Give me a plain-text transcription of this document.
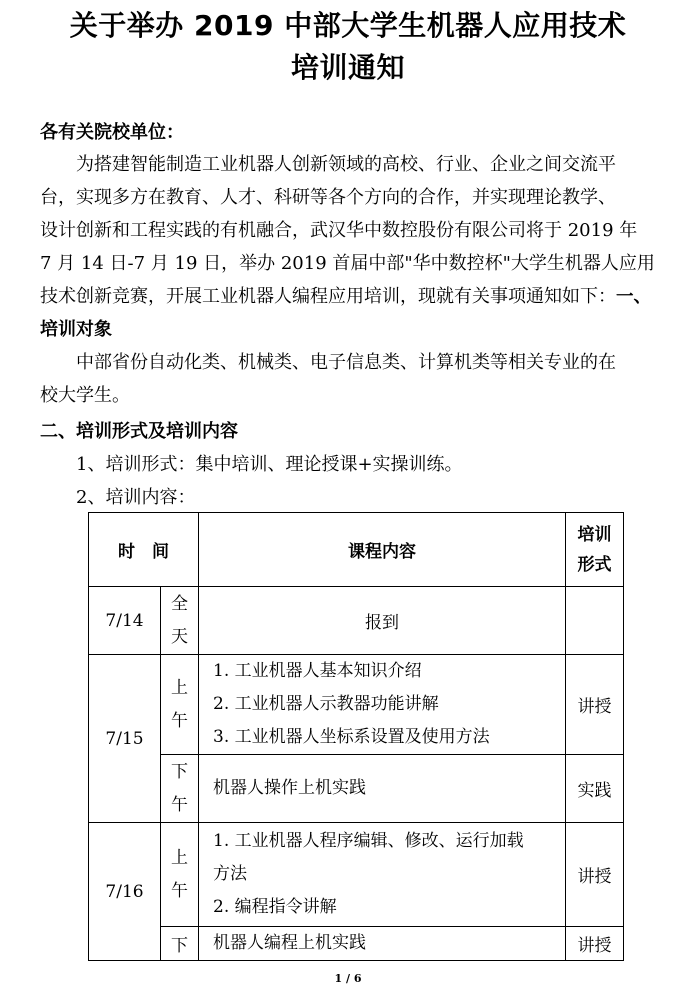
关于举办 2019 中部大学生机器人应用技术
培训通知
各有关院校单位：
为搭建智能制造工业机器人创新领域的高校、行业、企业之间交流平
台，实现多方在教育、人才、科研等各个方向的合作，并实现理论教学、
设计创新和工程实践的有机融合，武汉华中数控股份有限公司将于 2019 年
7 月 14 日-7 月 19 日，举办 2019 首届中部"华中数控杯"大学生机器人应用
技术创新竞赛，开展工业机器人编程应用培训，现就有关事项通知如下：一、
培训对象
中部省份自动化类、机械类、电子信息类、计算机类等相关专业的在
校大学生。
二、培训形式及培训内容
1、培训形式：集中培训、理论授课+实操训练。
2、培训内容：
时　间		课程内容	培训形式

7/14	全天	报到	
7/15	上午	1. 工业机器人基本知识介绍
2. 工业机器人示教器功能讲解
3. 工业机器人坐标系设置及使用方法	讲授

	下午	机器人操作上机实践	实践
7/16	上午	1. 工业机器人程序编辑、修改、运行加载
方法
2. 编程指令讲解	讲授
	下	机器人编程上机实践	讲授
1 / 6
